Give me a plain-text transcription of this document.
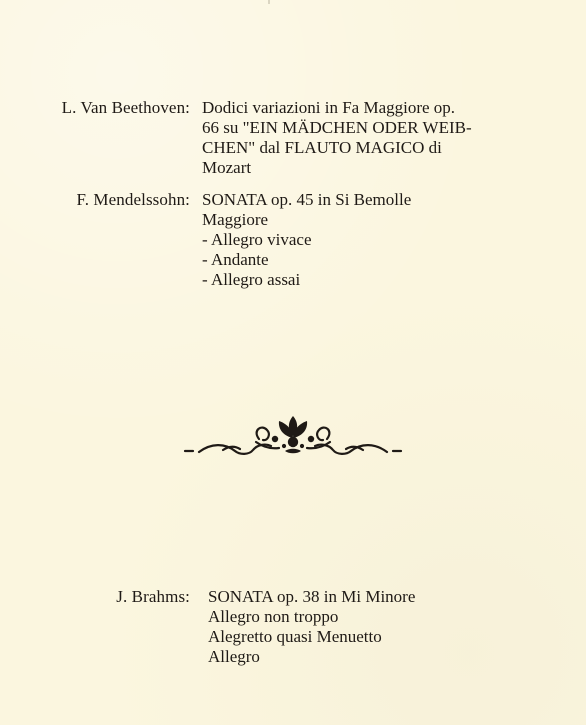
L. Van Beethoven: Dodici variazioni in Fa Maggiore op.
66 su "EIN MÄDCHEN ODER WEIB-
CHEN" dal FLAUTO MAGICO di
Mozart
F. Mendelssohn: SONATA op. 45 in Si Bemolle
Maggiore
- Allegro vivace
- Andante
- Allegro assai
J. Brahms: SONATA op. 38 in Mi Minore
Allegro non troppo
Alegretto quasi Menuetto
Allegro
